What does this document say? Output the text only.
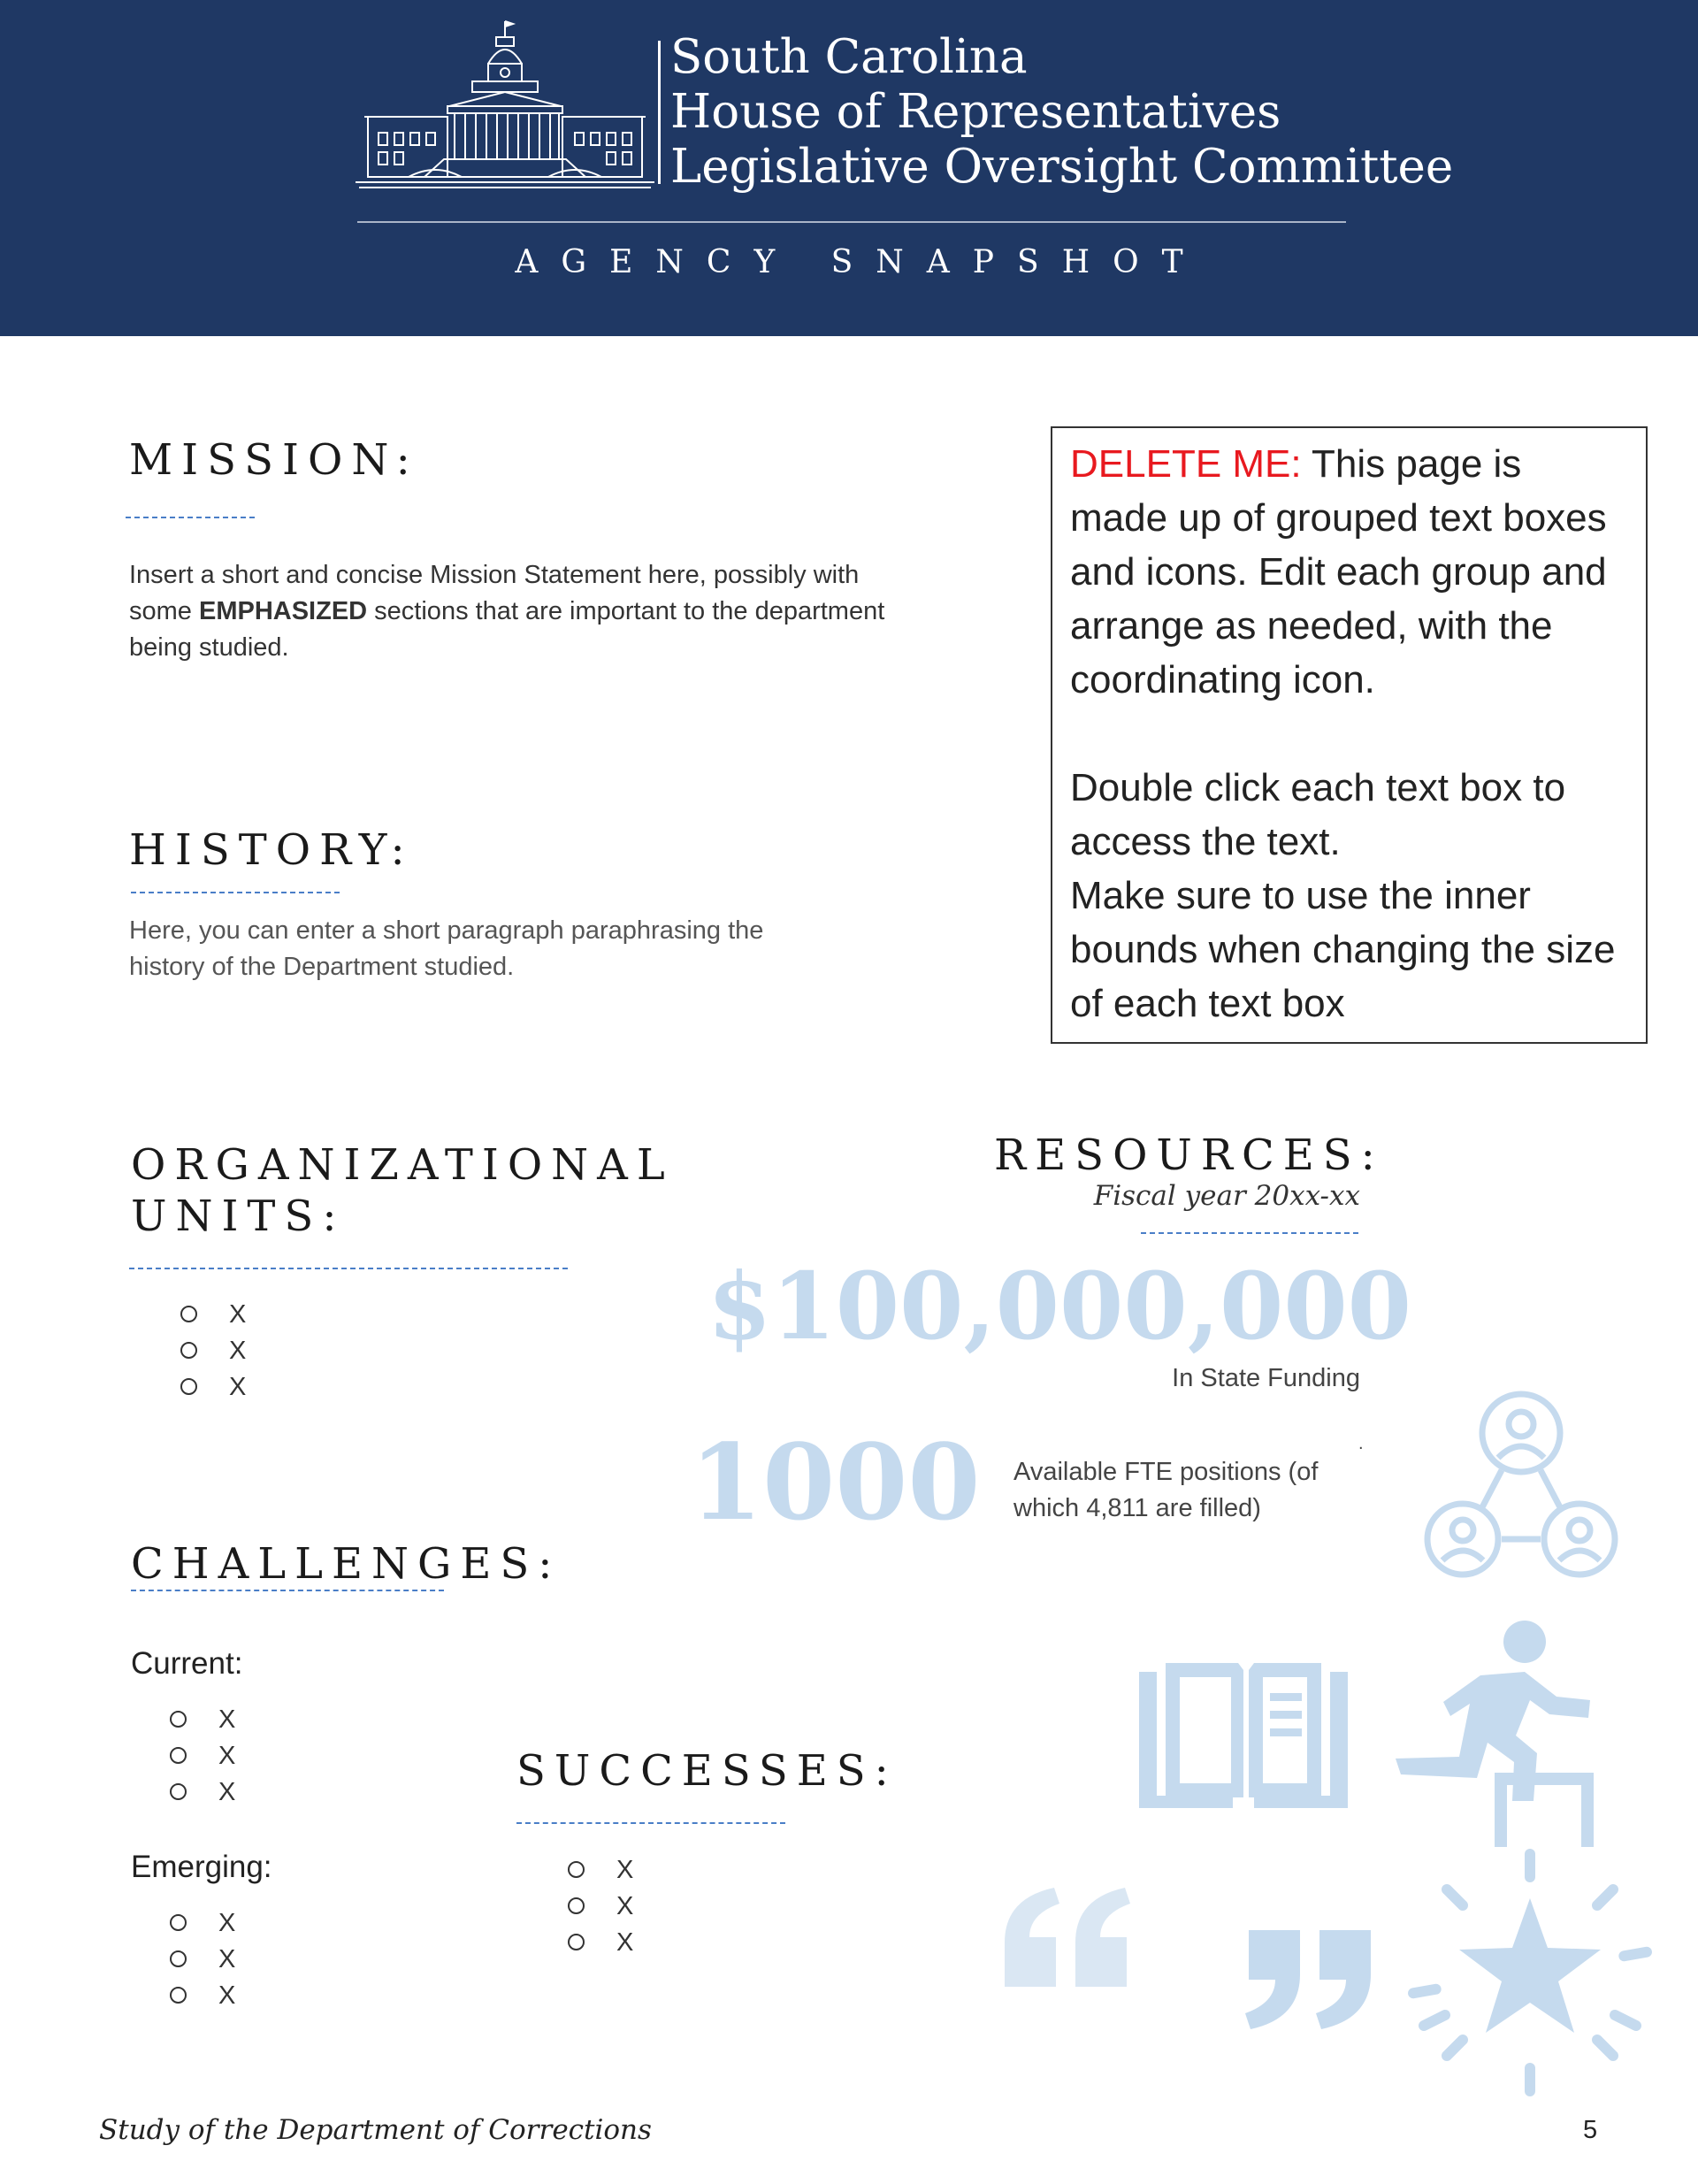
South Carolina
House of Representatives
Legislative Oversight Committee
AGENCY SNAPSHOT
MISSION:
Insert a short and concise Mission Statement here, possibly with some EMPHASIZED sections that are important to the department being studied.
HISTORY:
Here, you can enter a short paragraph paraphrasing the history of the Department studied.

DELETE ME: This page is made up of grouped text boxes and icons. Edit each group and arrange as needed, with the coordinating icon.

Double click each text box to access the text.

Make sure to use the inner bounds when changing the size of each text box

ORGANIZATIONAL
UNITS:
X
X
X
RESOURCES:
Fiscal year 20xx-xx
$100,000,000
In State Funding
.
1000 Available FTE positions (of which 4,811 are filled)
CHALLENGES:
Current:
X
X
X
Emerging:
X
X
X
SUCCESSES:
X
X
X
Study of the Department of Corrections	5
